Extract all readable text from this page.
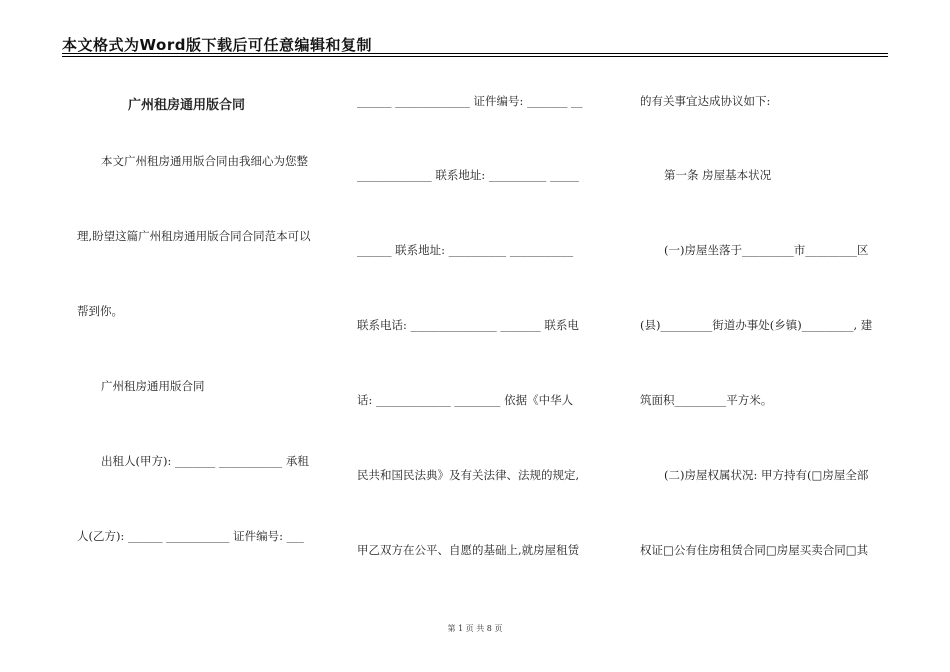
本文格式为Word版下载后可任意编辑和复制
广州租房通用版合同
本文广州租房通用版合同由我细心为您整
理,盼望这篇广州租房通用版合同合同范本可以
帮到你。
广州租房通用版合同
出租人(甲方): _______ ___________ 承租
人(乙方): ______ ___________ 证件编号: ___
______ _____________ 证件编号: _______ __
_____________ 联系地址: __________ _____
______ 联系地址: __________ ___________
联系电话: _______________ _______ 联系电
话: _____________ ________ 依据《中华人
民共和国民法典》及有关法律、法规的规定,
甲乙双方在公平、自愿的基础上,就房屋租赁
的有关事宜达成协议如下:
第一条 房屋基本状况
(一)房屋坐落于_________市_________区
(县)_________街道办事处(乡镇)_________, 建
筑面积_________平方米。
(二)房屋权属状况: 甲方持有(□房屋全部
权证□公有住房租赁合同□房屋买卖合同□其
第 1 页 共 8 页
